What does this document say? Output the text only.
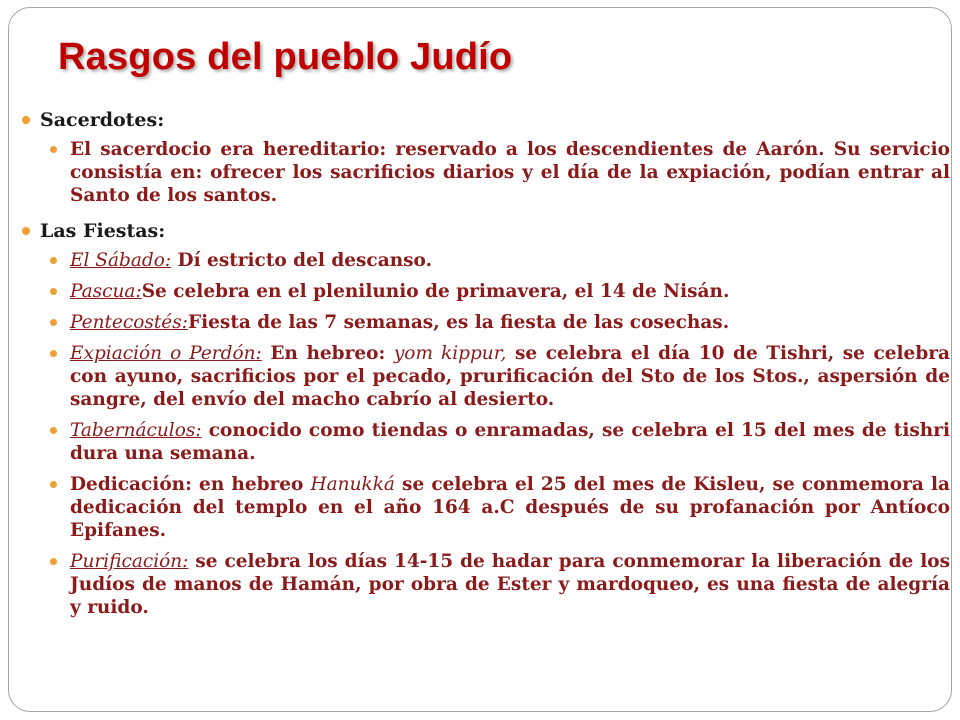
Rasgos del pueblo Judío
Sacerdotes:
El sacerdocio era hereditario: reservado a los descendientes de Aarón. Su servicio consistía en: ofrecer los sacrificios diarios y el día de la expiación, podían entrar al Santo de los santos.
Las Fiestas:
El Sábado: Dí estricto del descanso.
Pascua:Se celebra en el plenilunio de primavera, el 14 de Nisán.
Pentecostés:Fiesta de las 7 semanas, es la fiesta de las cosechas.
Expiación o Perdón: En hebreo: yom kippur, se celebra el día 10 de Tishri, se celebra con ayuno, sacrificios por el pecado, prurificación del Sto de los Stos., aspersión de sangre, del envío del macho cabrío al desierto.
Tabernáculos: conocido como tiendas o enramadas, se celebra el 15 del mes de tishri dura una semana.
Dedicación: en hebreo Hanukká se celebra el 25 del mes de Kisleu, se conmemora la dedicación del templo en el año 164 a.C después de su profanación por Antíoco Epifanes.
Purificación: se celebra los días 14-15 de hadar para conmemorar la liberación de los Judíos de manos de Hamán, por obra de Ester y mardoqueo, es una fiesta de alegría y ruido.
